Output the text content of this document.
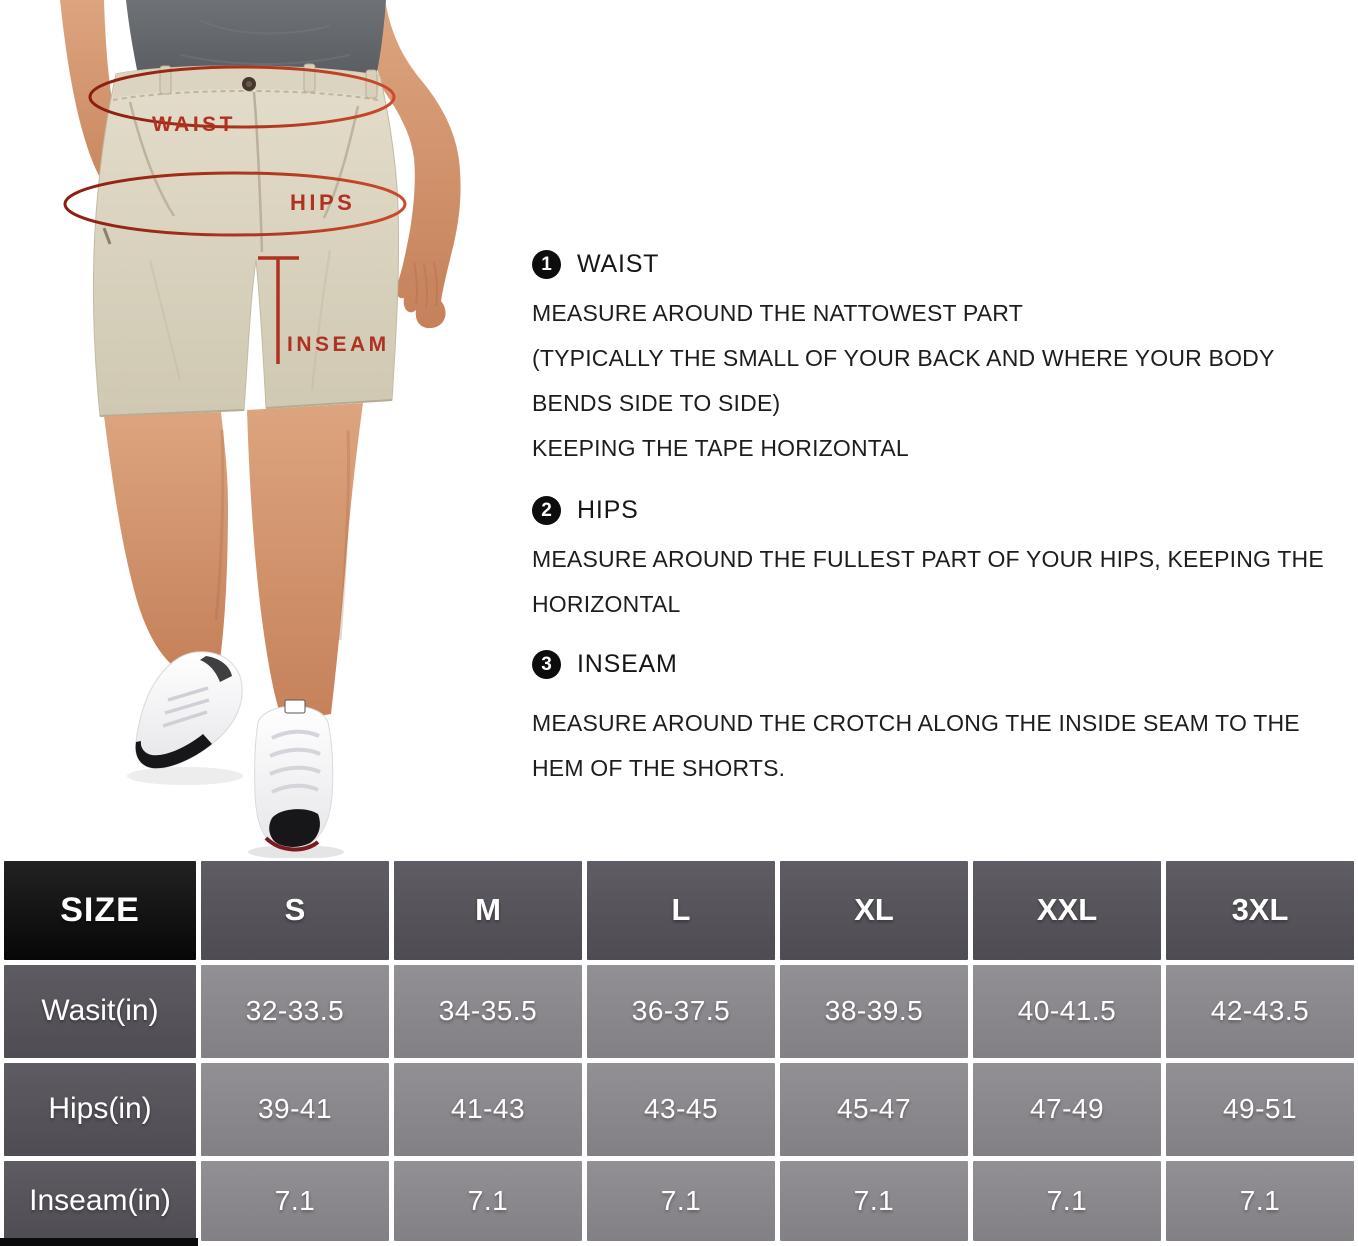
WAIST
HIPS
INSEAM
1	WAIST
MEASURE AROUND THE NATTOWEST PART
(TYPICALLY THE SMALL OF YOUR BACK AND WHERE YOUR BODY
BENDS SIDE TO SIDE)
KEEPING THE TAPE HORIZONTAL
2	HIPS
MEASURE AROUND THE FULLEST PART OF YOUR HIPS, KEEPING THE
HORIZONTAL
3	INSEAM
MEASURE AROUND THE CROTCH ALONG THE INSIDE SEAM TO THE
HEM OF THE SHORTS.
SIZE	S	M	L	XL	XXL	3XL
Wasit(in)	32-33.5	34-35.5	36-37.5	38-39.5	40-41.5	42-43.5
Hips(in)	39-41	41-43	43-45	45-47	47-49	49-51
Inseam(in)	7.1	7.1	7.1	7.1	7.1	7.1
